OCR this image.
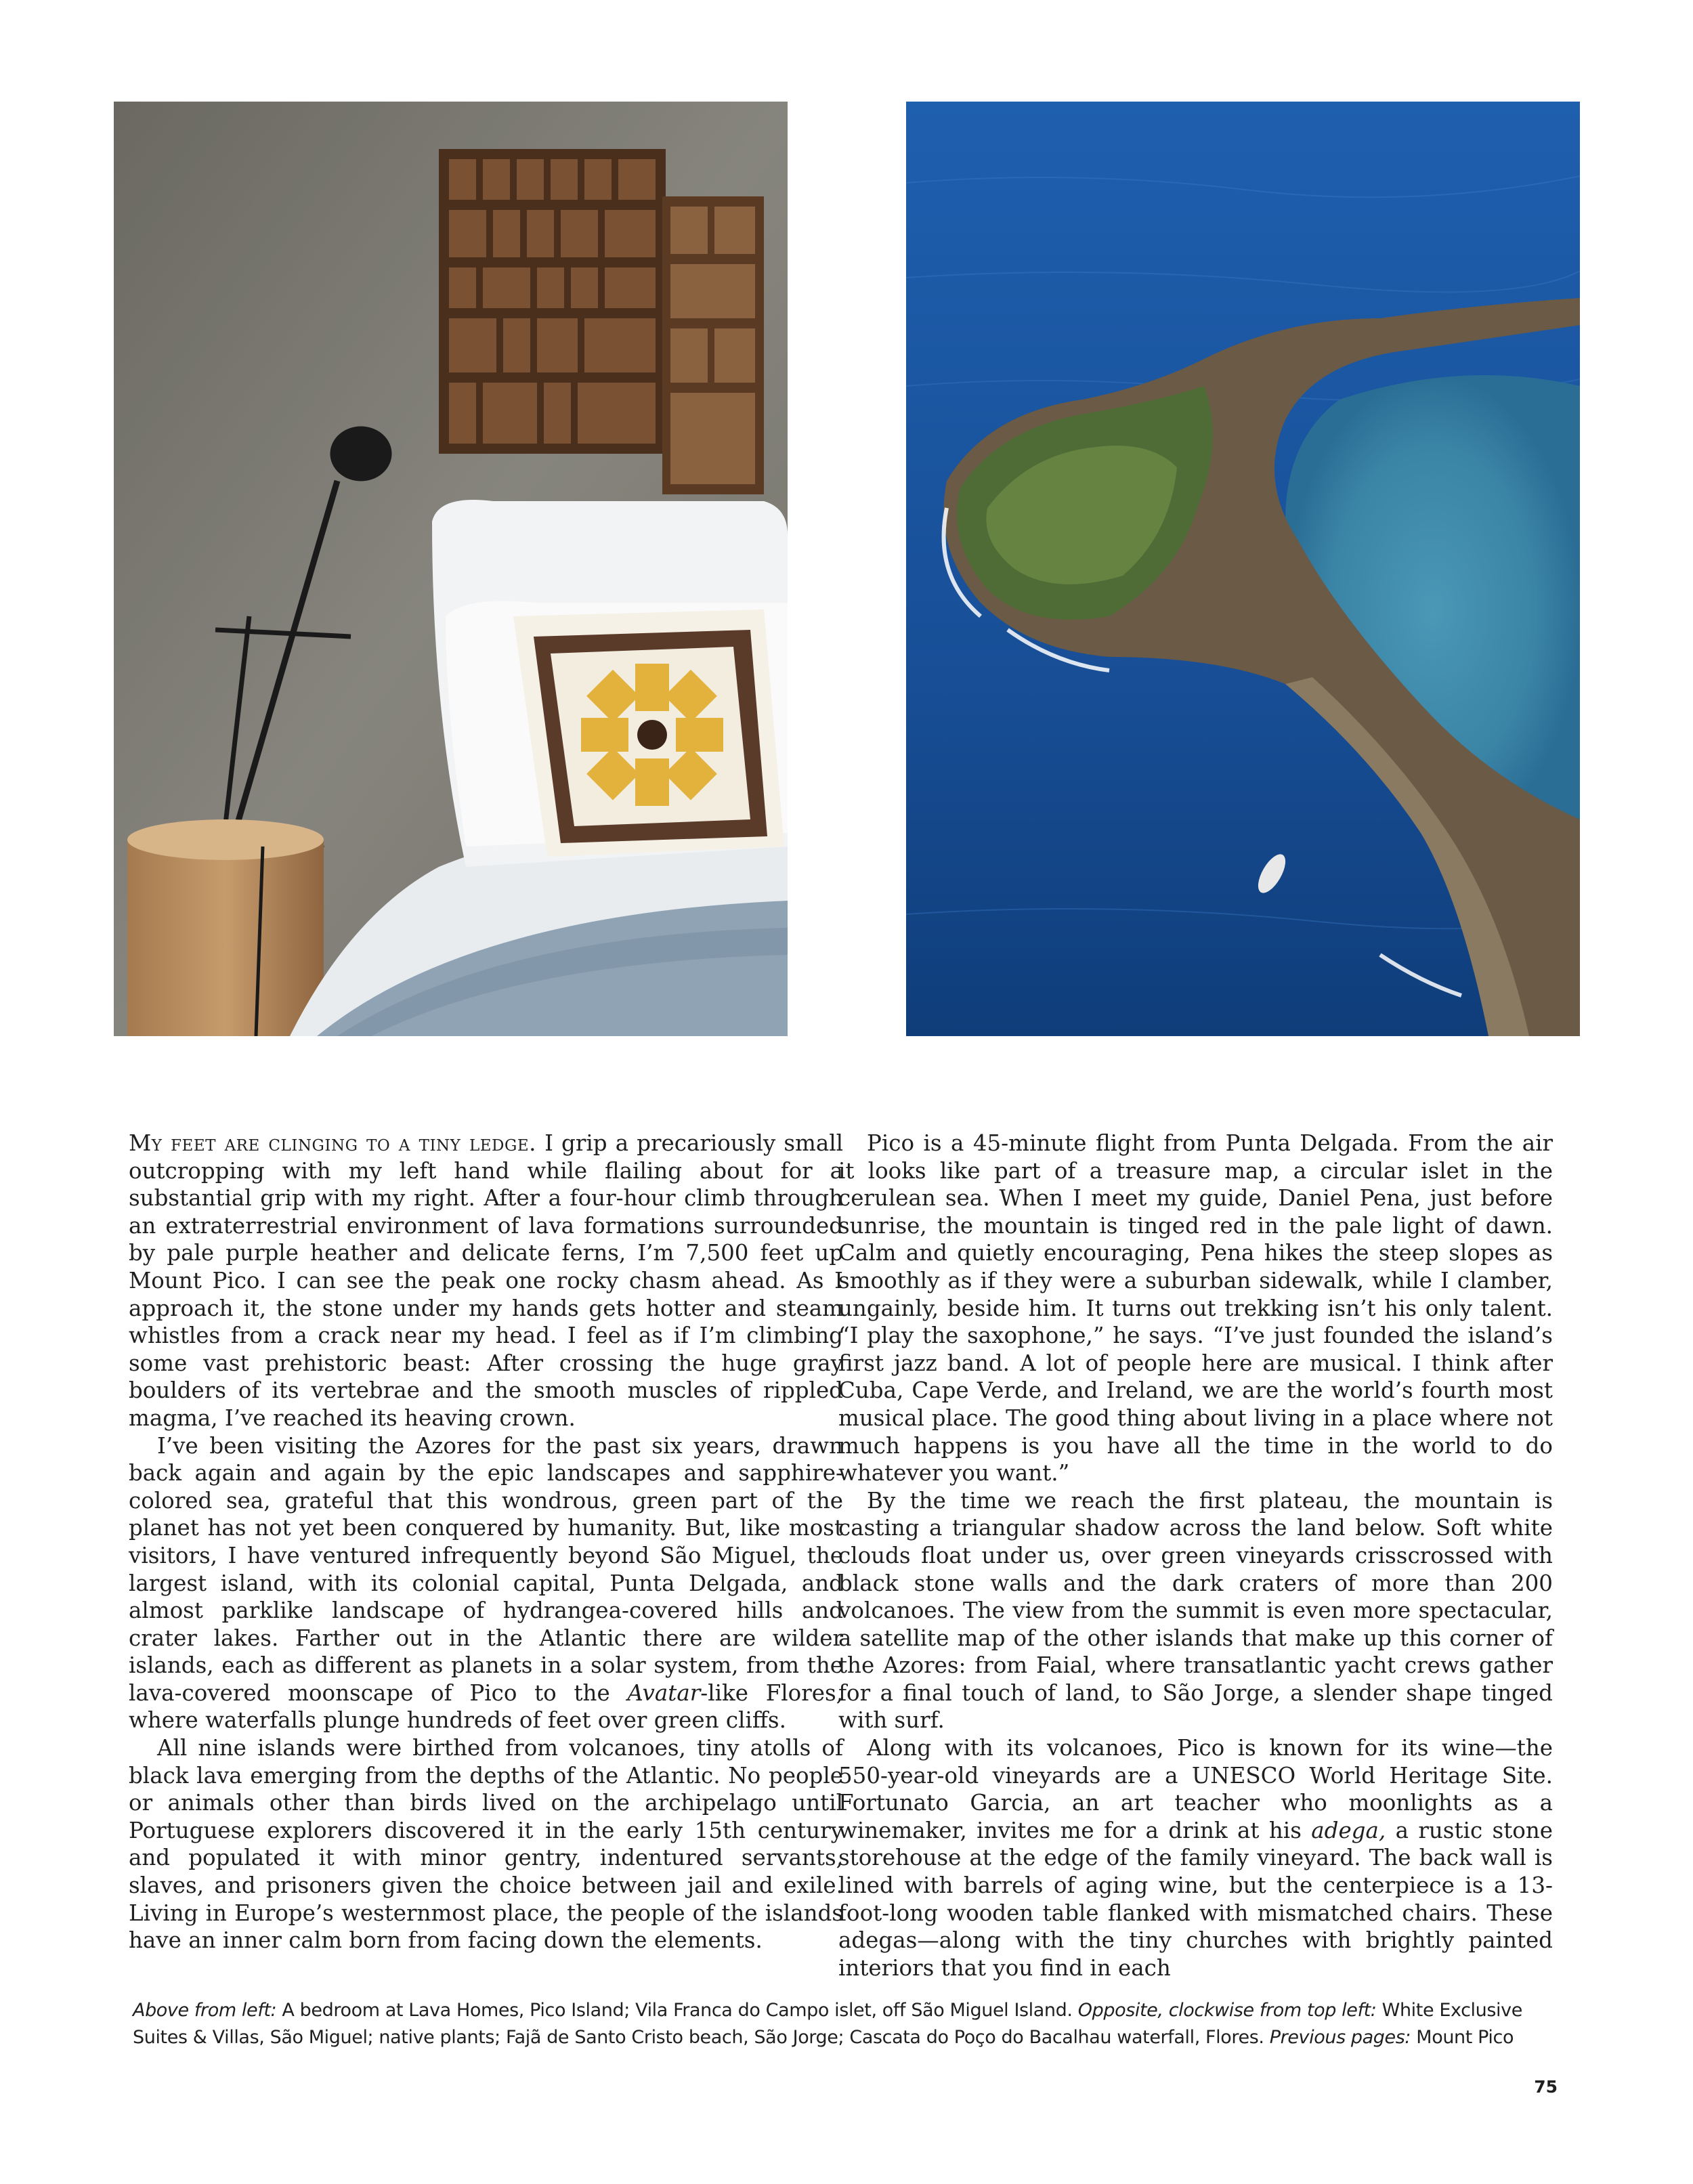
My feet are clinging to a tiny ledge. I grip a precariously small outcropping with my left hand while flailing about for a substantial grip with my right. After a four-hour climb through an extraterrestrial environment of lava formations surrounded by pale purple heather and delicate ferns, I’m 7,500 feet up Mount Pico. I can see the peak one rocky chasm ahead. As I approach it, the stone under my hands gets hotter and steam whistles from a crack near my head. I feel as if I’m climbing some vast prehistoric beast: After crossing the huge gray boulders of its vertebrae and the smooth muscles of rippled magma, I’ve reached its heaving crown.

I’ve been visiting the Azores for the past six years, drawn back again and again by the epic landscapes and sapphire-colored sea, grateful that this wondrous, green part of the planet has not yet been conquered by humanity. But, like most visitors, I have ventured infrequently beyond São Miguel, the largest island, with its colonial capital, Punta Delgada, and almost parklike landscape of hydrangea-covered hills and crater lakes. Farther out in the Atlantic there are wilder islands, each as different as planets in a solar system, from the lava-covered moonscape of Pico to the Avatar-like Flores, where waterfalls plunge hundreds of feet over green cliffs.

All nine islands were birthed from volcanoes, tiny atolls of black lava emerging from the depths of the Atlantic. No people or animals other than birds lived on the archipelago until Portuguese explorers discovered it in the early 15th century and populated it with minor gentry, indentured servants, slaves, and prisoners given the choice between jail and exile. Living in Europe’s westernmost place, the people of the islands have an inner calm born from facing down the elements.

Pico is a 45-minute flight from Punta Delgada. From the air it looks like part of a treasure map, a circular islet in the cerulean sea. When I meet my guide, Daniel Pena, just before sunrise, the mountain is tinged red in the pale light of dawn. Calm and quietly encouraging, Pena hikes the steep slopes as smoothly as if they were a suburban sidewalk, while I clamber, ungainly, beside him. It turns out trekking isn’t his only talent. “I play the saxophone,” he says. “I’ve just founded the island’s first jazz band. A lot of people here are musical. I think after Cuba, Cape Verde, and Ireland, we are the world’s fourth most musical place. The good thing about living in a place where not much happens is you have all the time in the world to do whatever you want.”

By the time we reach the first plateau, the mountain is casting a triangular shadow across the land below. Soft white clouds float under us, over green vineyards crisscrossed with black stone walls and the dark craters of more than 200 volcanoes. The view from the summit is even more spectacular, a satellite map of the other islands that make up this corner of the Azores: from Faial, where transatlantic yacht crews gather for a final touch of land, to São Jorge, a slender shape tinged with surf.

Along with its volcanoes, Pico is known for its wine—the 550-year-old vineyards are a UNESCO World Heritage Site. Fortunato Garcia, an art teacher who moonlights as a winemaker, invites me for a drink at his adega, a rustic stone storehouse at the edge of the family vineyard. The back wall is lined with barrels of aging wine, but the centerpiece is a 13-foot-long wooden table flanked with mismatched chairs. These adegas—along with the tiny churches with brightly painted interiors that you find in each

Above from left: A bedroom at Lava Homes, Pico Island; Vila Franca do Campo islet, off São Miguel Island. Opposite, clockwise from top left: White Exclusive Suites & Villas, São Miguel; native plants; Fajã de Santo Cristo beach, São Jorge; Cascata do Poço do Bacalhau waterfall, Flores. Previous pages: Mount Pico
75
